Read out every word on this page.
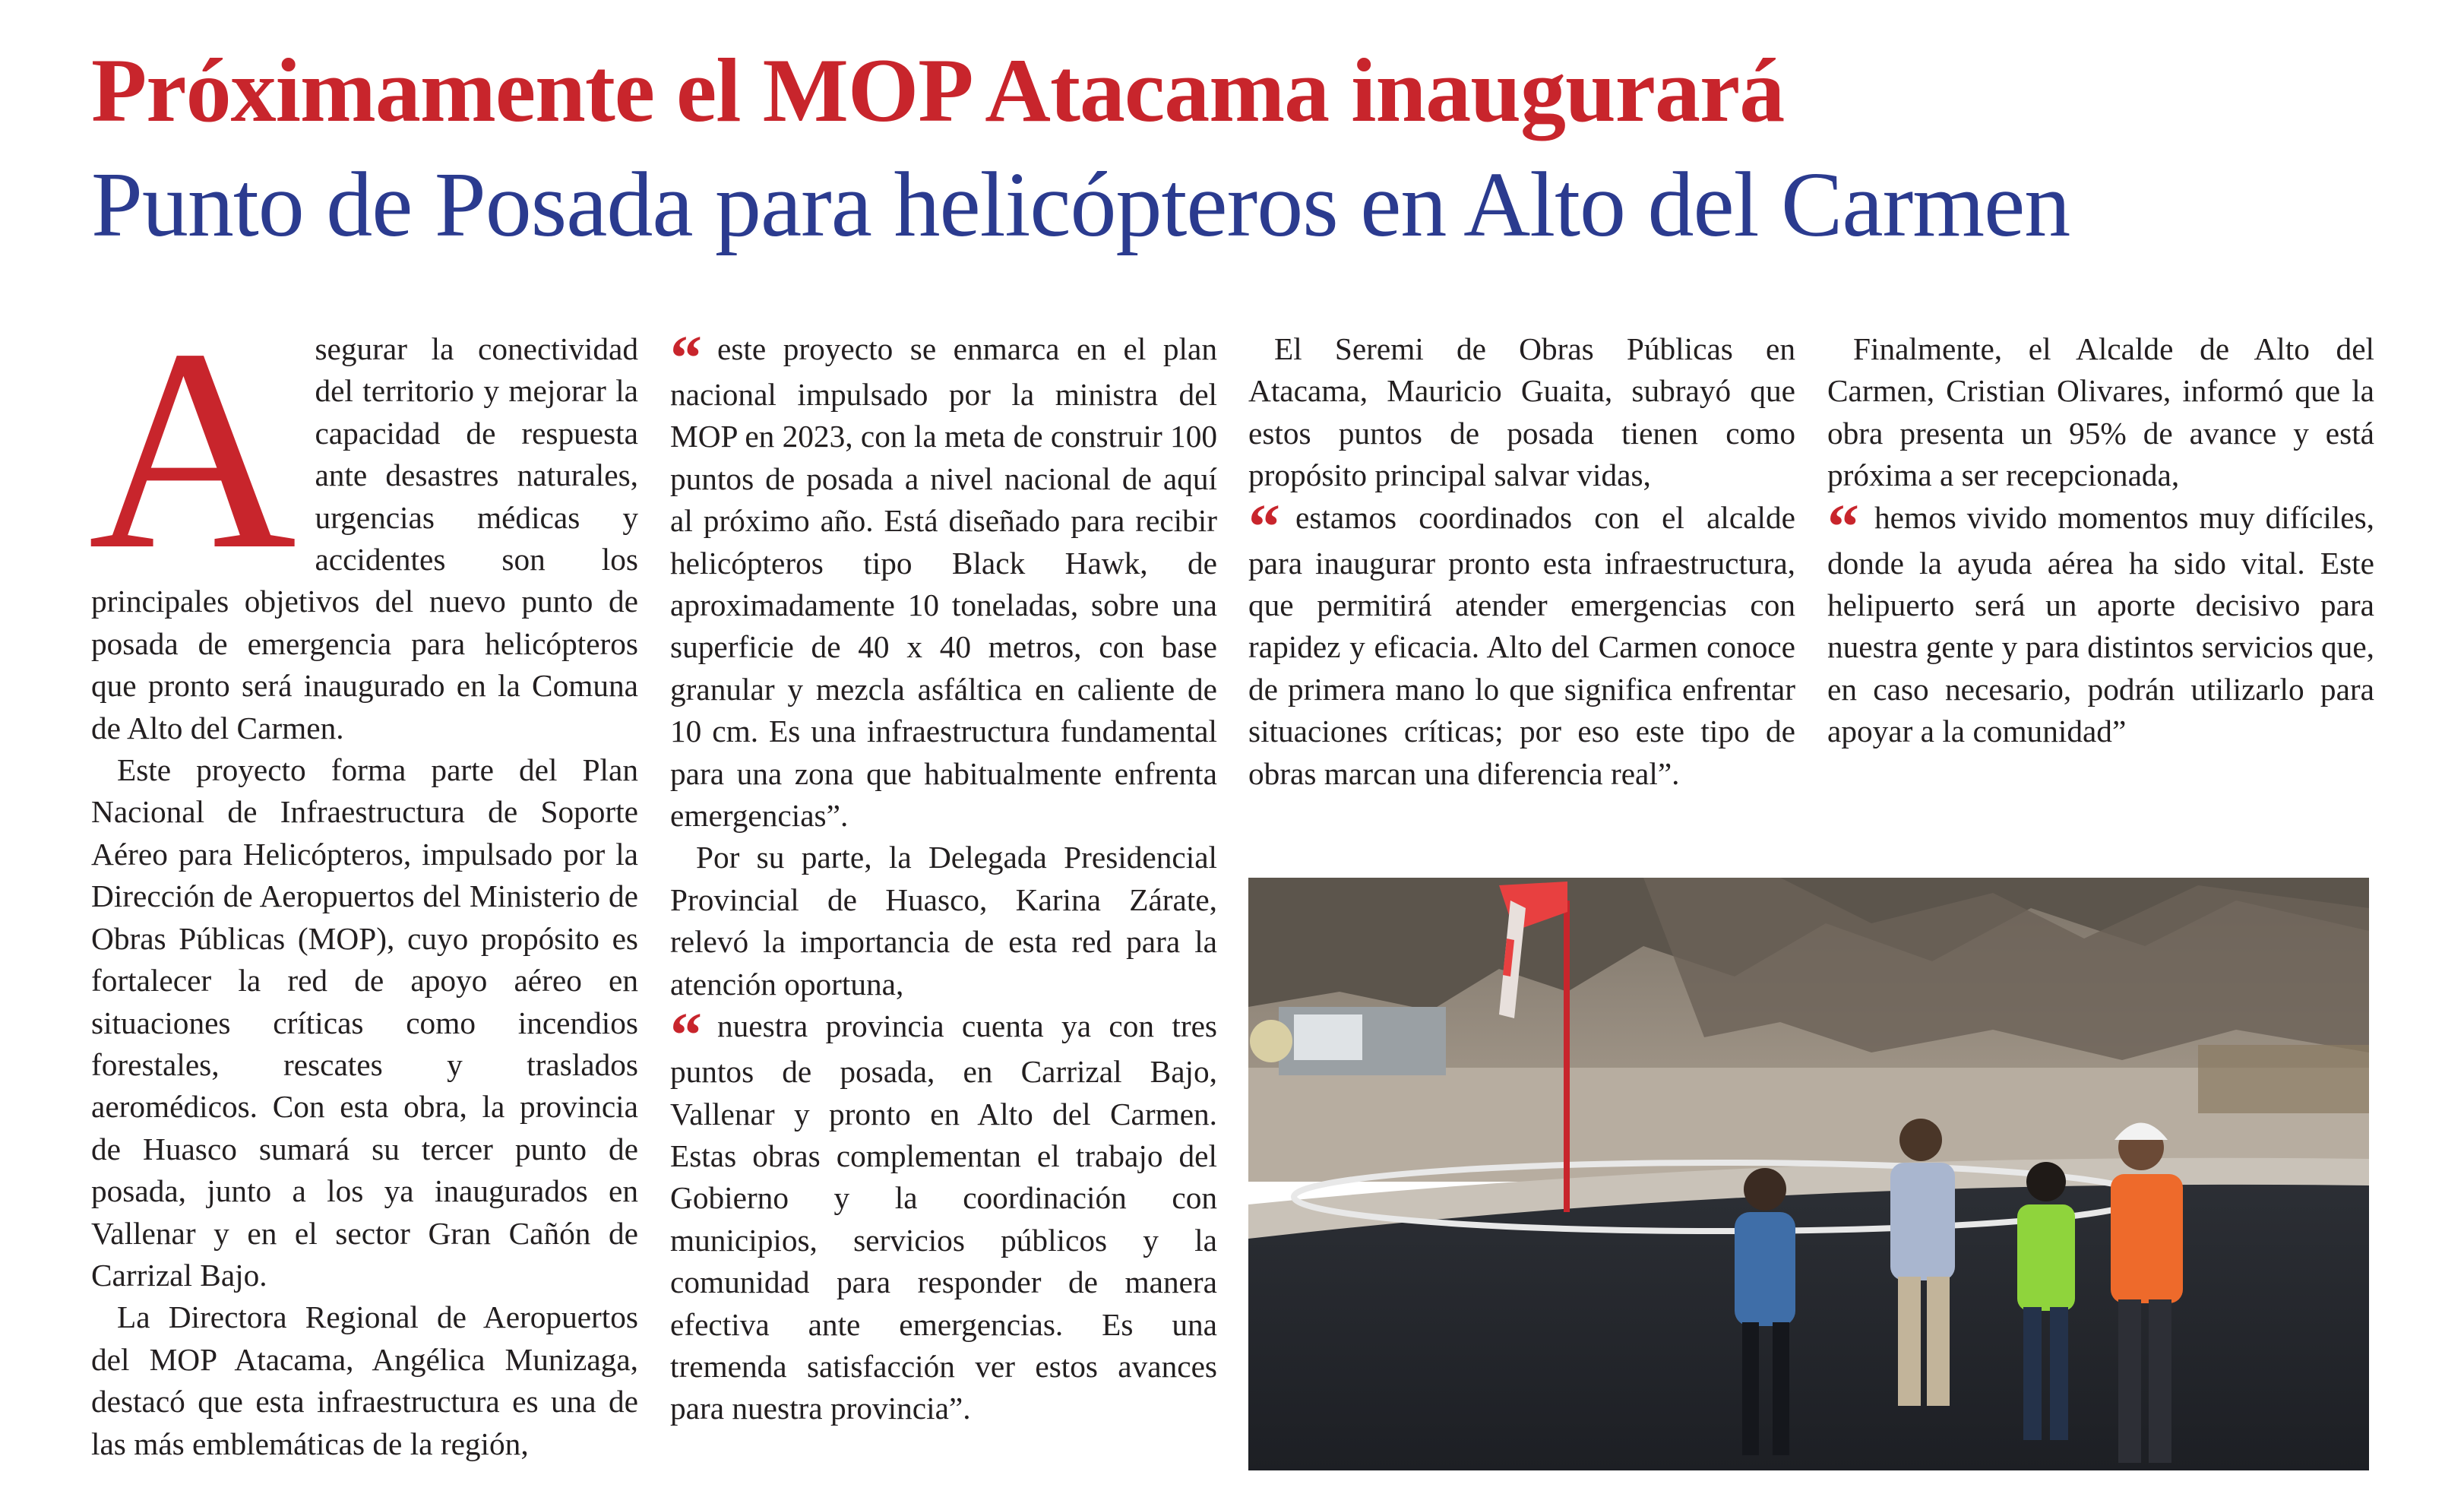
Próximamente el MOP Atacama inaugurará
Punto de Posada para helicópteros en Alto del Carmen

Asegurar la conectividad del territorio y mejorar la capacidad de respuesta ante desastres naturales, urgencias médicas y accidentes son los principales objetivos del nuevo punto de posada de emergencia para helicópteros que pronto será inaugurado en la Comuna de Alto del Carmen.

Este proyecto forma parte del Plan Nacional de Infraestructura de Soporte Aéreo para Helicópteros, impulsado por la Dirección de Aeropuertos del Ministerio de Obras Públicas (MOP), cuyo propósito es fortalecer la red de apoyo aéreo en situaciones críticas como incendios forestales, rescates y traslados aeromédicos. Con esta obra, la provincia de Huasco sumará su tercer punto de posada, junto a los ya inaugurados en Vallenar y en el sector Gran Cañón de Carrizal Bajo.

La Directora Regional de Aeropuertos del MOP Atacama, Angélica Munizaga, destacó que esta infraestructura es una de las más emblemáticas de la región,

“ este proyecto se enmarca en el plan nacional impulsado por la ministra del MOP en 2023, con la meta de construir 100 puntos de posada a nivel nacional de aquí al próximo año. Está diseñado para recibir helicópteros tipo Black Hawk, de aproximadamente 10 toneladas, sobre una superficie de 40 x 40 metros, con base granular y mezcla asfáltica en caliente de 10 cm. Es una infraestructura fundamental para una zona que habitualmente enfrenta emergencias”.

Por su parte, la Delegada Presidencial Provincial de Huasco, Karina Zárate, relevó la importancia de esta red para la atención oportuna,

“ nuestra provincia cuenta ya con tres puntos de posada, en Carrizal Bajo, Vallenar y pronto en Alto del Carmen. Estas obras complementan el trabajo del Gobierno y la coordinación con municipios, servicios públicos y la comunidad para responder de manera efectiva ante emergencias. Es una tremenda satisfacción ver estos avances para nuestra provincia”.

El Seremi de Obras Públicas en Atacama, Mauricio Guaita, subrayó que estos puntos de posada tienen como propósito principal salvar vidas,

“ estamos coordinados con el alcalde para inaugurar pronto esta infraestructura, que permitirá atender emergencias con rapidez y eficacia. Alto del Carmen conoce de primera mano lo que significa enfrentar situaciones críticas; por eso este tipo de obras marcan una diferencia real”.

Finalmente, el Alcalde de Alto del Carmen, Cristian Olivares, informó que la obra presenta un 95% de avance y está próxima a ser recepcionada,

“ hemos vivido momentos muy difíciles, donde la ayuda aérea ha sido vital. Este helipuerto será un aporte decisivo para nuestra gente y para distintos servicios que, en caso necesario, podrán utilizarlo para apoyar a la comunidad”
